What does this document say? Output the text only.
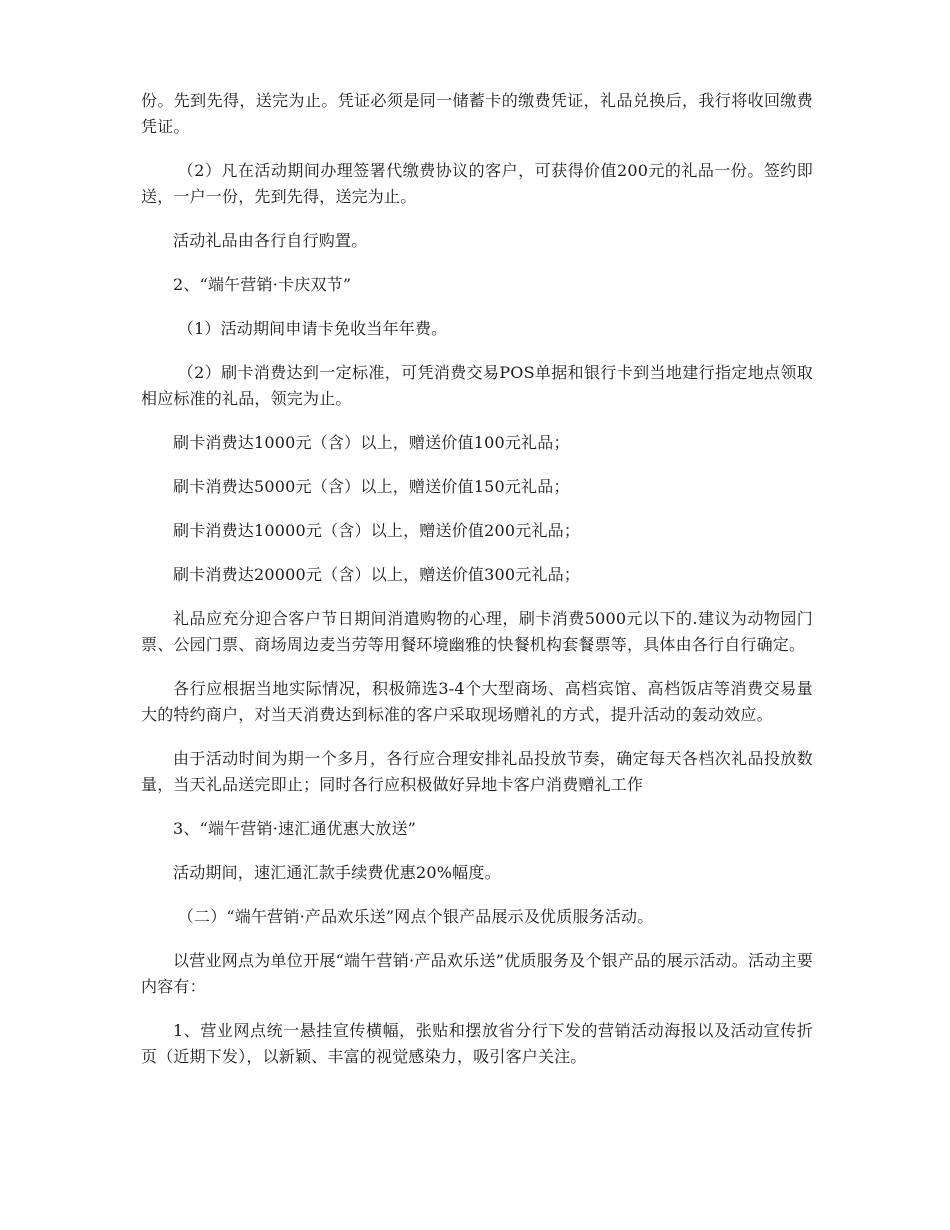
份。先到先得，送完为止。凭证必须是同一储蓄卡的缴费凭证，礼品兑换后，我行将收回缴费凭证。

（2）凡在活动期间办理签署代缴费协议的客户，可获得价值200元的礼品一份。签约即送，一户一份，先到先得，送完为止。

活动礼品由各行自行购置。

2、“端午营销·卡庆双节”

（1）活动期间申请卡免收当年年费。

（2）刷卡消费达到一定标准，可凭消费交易POS单据和银行卡到当地建行指定地点领取相应标准的礼品，领完为止。

刷卡消费达1000元（含）以上，赠送价值100元礼品；

刷卡消费达5000元（含）以上，赠送价值150元礼品；

刷卡消费达10000元（含）以上，赠送价值200元礼品；

刷卡消费达20000元（含）以上，赠送价值300元礼品；

礼品应充分迎合客户节日期间消遣购物的心理，刷卡消费5000元以下的.建议为动物园门票、公园门票、商场周边麦当劳等用餐环境幽雅的快餐机构套餐票等，具体由各行自行确定。

各行应根据当地实际情况，积极筛选3-4个大型商场、高档宾馆、高档饭店等消费交易量大的特约商户，对当天消费达到标准的客户采取现场赠礼的方式，提升活动的轰动效应。

由于活动时间为期一个多月，各行应合理安排礼品投放节奏，确定每天各档次礼品投放数量，当天礼品送完即止；同时各行应积极做好异地卡客户消费赠礼工作

3、“端午营销·速汇通优惠大放送”

活动期间，速汇通汇款手续费优惠20%幅度。

（二）“端午营销·产品欢乐送”网点个银产品展示及优质服务活动。

以营业网点为单位开展“端午营销·产品欢乐送”优质服务及个银产品的展示活动。活动主要内容有：

1、营业网点统一悬挂宣传横幅，张贴和摆放省分行下发的营销活动海报以及活动宣传折页（近期下发），以新颖、丰富的视觉感染力，吸引客户关注。
